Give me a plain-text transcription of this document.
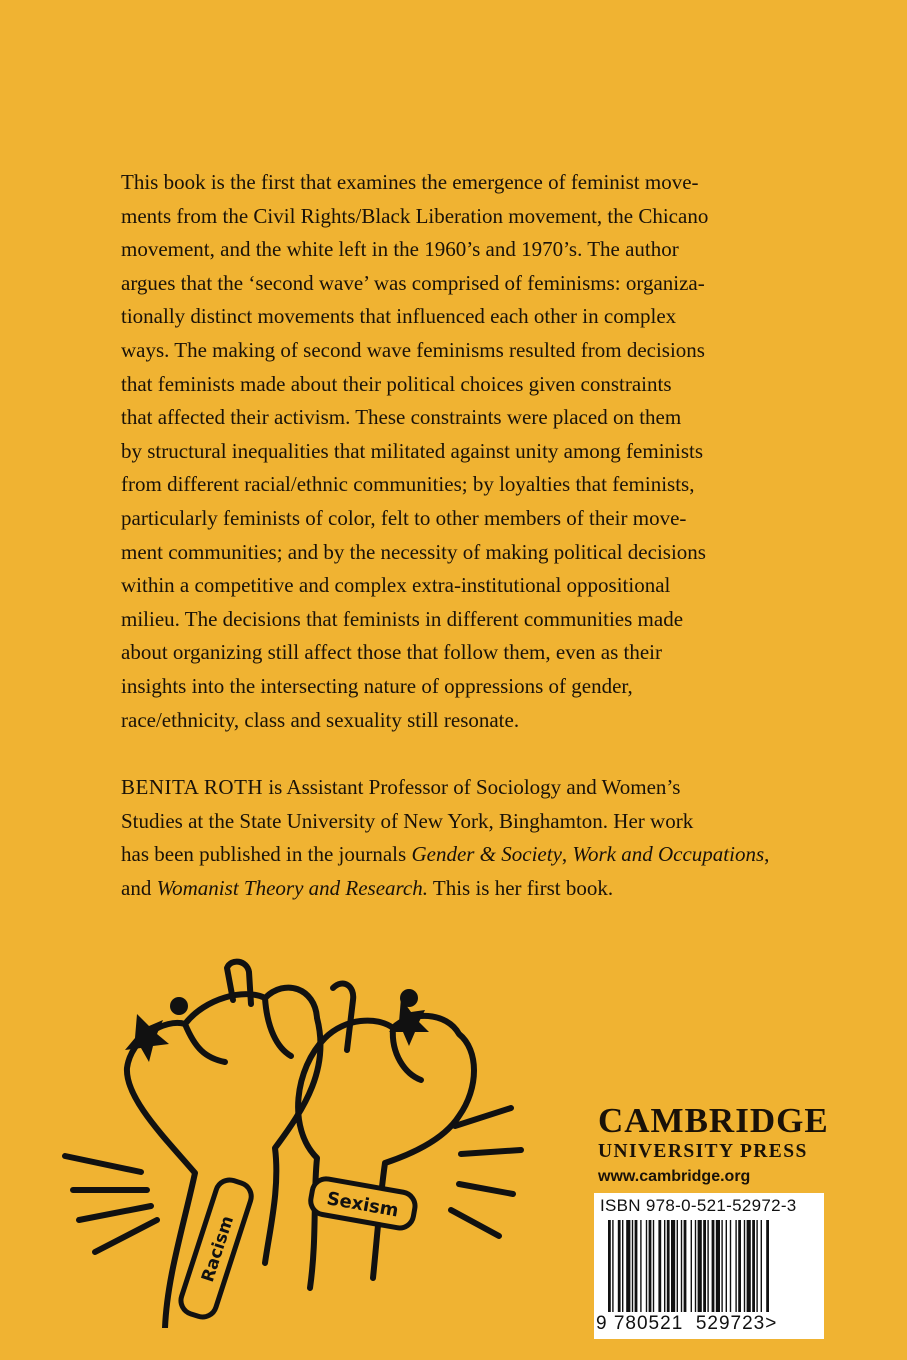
This book is the first that examines the emergence of feminist move-
ments from the Civil Rights/Black Liberation movement, the Chicano
movement, and the white left in the 1960’s and 1970’s. The author
argues that the ‘second wave’ was comprised of feminisms: organiza-
tionally distinct movements that influenced each other in complex
ways. The making of second wave feminisms resulted from decisions
that feminists made about their political choices given constraints
that affected their activism. These constraints were placed on them
by structural inequalities that militated against unity among feminists
from different racial/ethnic communities; by loyalties that feminists,
particularly feminists of color, felt to other members of their move-
ment communities; and by the necessity of making political decisions
within a competitive and complex extra-institutional oppositional
milieu. The decisions that feminists in different communities made
about organizing still affect those that follow them, even as their
insights into the intersecting nature of oppressions of gender,
race/ethnicity, class and sexuality still resonate.
BENITA ROTH is Assistant Professor of Sociology and Women’s
Studies at the State University of New York, Binghamton. Her work
has been published in the journals Gender & Society, Work and Occupations,
and Womanist Theory and Research. This is her first book.
Racism
Sexism
CAMBRIDGE
UNIVERSITY PRESS
www.cambridge.org
ISBN 978-0-521-52972-3
9 780521 529723>
